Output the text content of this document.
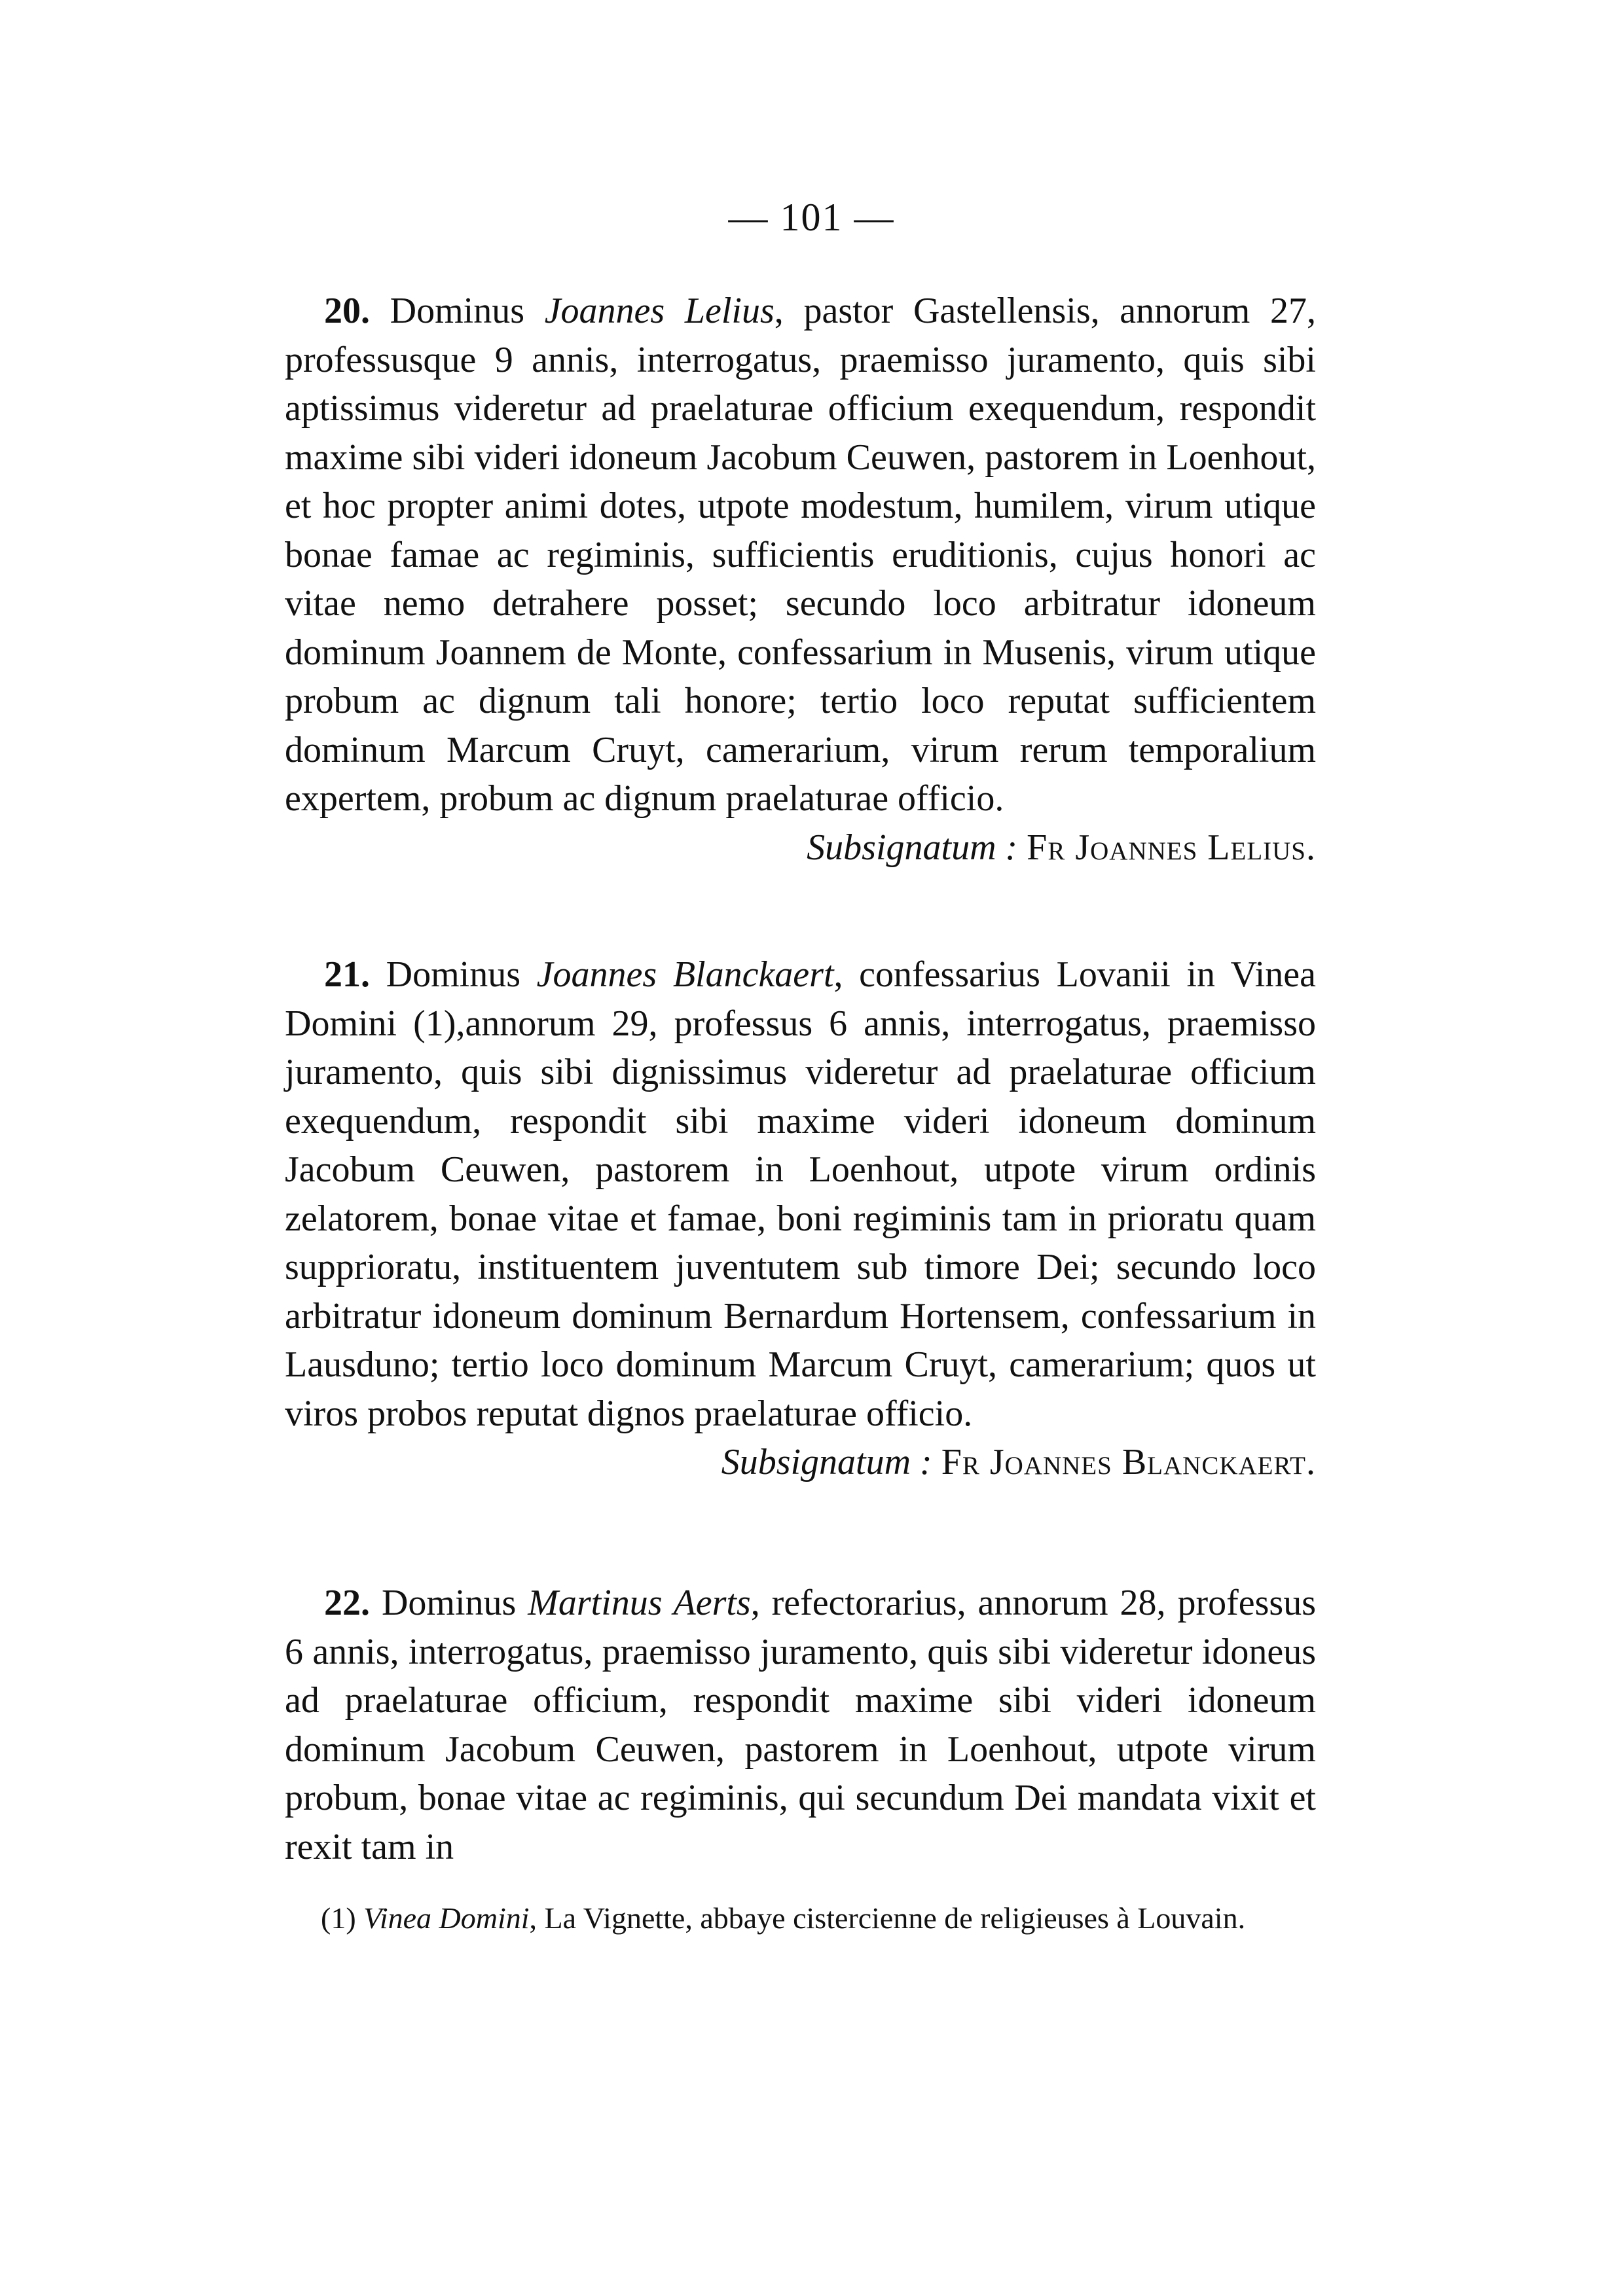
— 101 —

20. Dominus Joannes Lelius, pastor Gastellensis, annorum 27, professusque 9 annis, interrogatus, praemisso juramento, quis sibi aptissimus videretur ad praelaturae officium exequendum, respondit maxime sibi videri idoneum Jacobum Ceuwen, pastorem in Loenhout, et hoc propter animi dotes, utpote modestum, humilem, virum utique bonae famae ac regiminis, sufficientis eruditionis, cujus honori ac vitae nemo detrahere posset; secundo loco arbitratur idoneum dominum Joannem de Monte, confessarium in Musenis, virum utique probum ac dignum tali honore; tertio loco reputat sufficientem dominum Marcum Cruyt, camerarium, virum rerum temporalium expertem, probum ac dignum praelaturae officio.

Subsignatum : Fr Joannes Lelius.

21. Dominus Joannes Blanckaert, confessarius Lovanii in Vinea Domini (1),annorum 29, professus 6 annis, interrogatus, praemisso juramento, quis sibi dignissimus videretur ad praelaturae officium exequendum, respondit sibi maxime videri idoneum dominum Jacobum Ceuwen, pastorem in Loenhout, utpote virum ordinis zelatorem, bonae vitae et famae, boni regiminis tam in prioratu quam supprioratu, instituentem juventutem sub timore Dei; secundo loco arbitratur idoneum dominum Bernardum Hortensem, confessarium in Lausduno; tertio loco dominum Marcum Cruyt, camerarium; quos ut viros probos reputat dignos praelaturae officio.

Subsignatum : Fr Joannes Blanckaert.

22. Dominus Martinus Aerts, refectorarius, annorum 28, professus 6 annis, interrogatus, praemisso juramento, quis sibi videretur idoneus ad praelaturae officium, respondit maxime sibi videri idoneum dominum Jacobum Ceuwen, pastorem in Loenhout, utpote virum probum, bonae vitae ac regiminis, qui secundum Dei mandata vixit et rexit tam in

(1) Vinea Domini, La Vignette, abbaye cistercienne de religieuses à Louvain.
